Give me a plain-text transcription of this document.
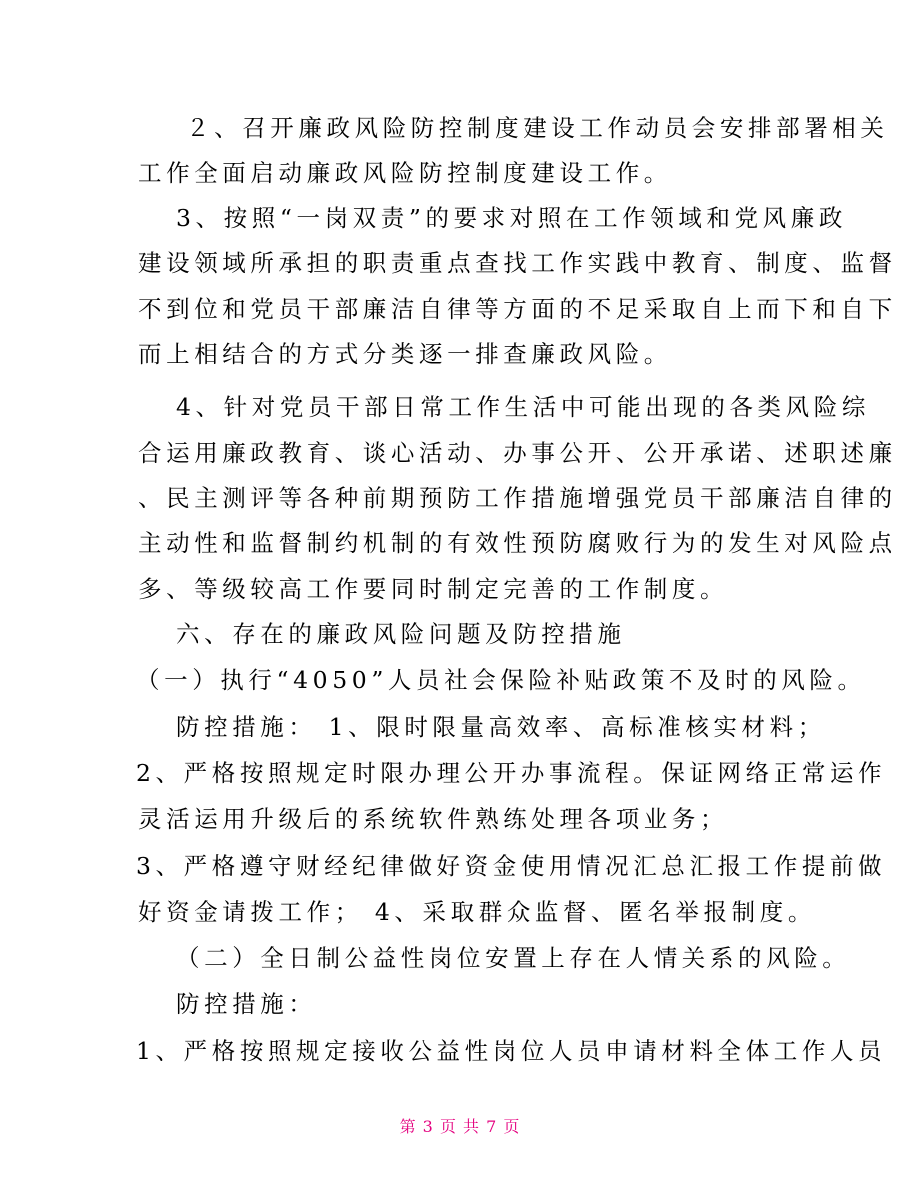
２、召开廉政风险防控制度建设工作动员会安排部署相关
工作全面启动廉政风险防控制度建设工作。
3、按照“一岗双责”的要求对照在工作领域和党风廉政
建设领域所承担的职责重点查找工作实践中教育、制度、监督
不到位和党员干部廉洁自律等方面的不足采取自上而下和自下
而上相结合的方式分类逐一排查廉政风险。
4、针对党员干部日常工作生活中可能出现的各类风险综
合运用廉政教育、谈心活动、办事公开、公开承诺、述职述廉
、民主测评等各种前期预防工作措施增强党员干部廉洁自律的
主动性和监督制约机制的有效性预防腐败行为的发生对风险点
多、等级较高工作要同时制定完善的工作制度。
六、存在的廉政风险问题及防控措施
（一）执行“4050”人员社会保险补贴政策不及时的风险。
防控措施： 1、限时限量高效率、高标准核实材料；
2、严格按照规定时限办理公开办事流程。保证网络正常运作
灵活运用升级后的系统软件熟练处理各项业务；
3、严格遵守财经纪律做好资金使用情况汇总汇报工作提前做
好资金请拨工作； 4、采取群众监督、匿名举报制度。
（二）全日制公益性岗位安置上存在人情关系的风险。
防控措施：
1、严格按照规定接收公益性岗位人员申请材料全体工作人员
第 3 页 共 7 页
